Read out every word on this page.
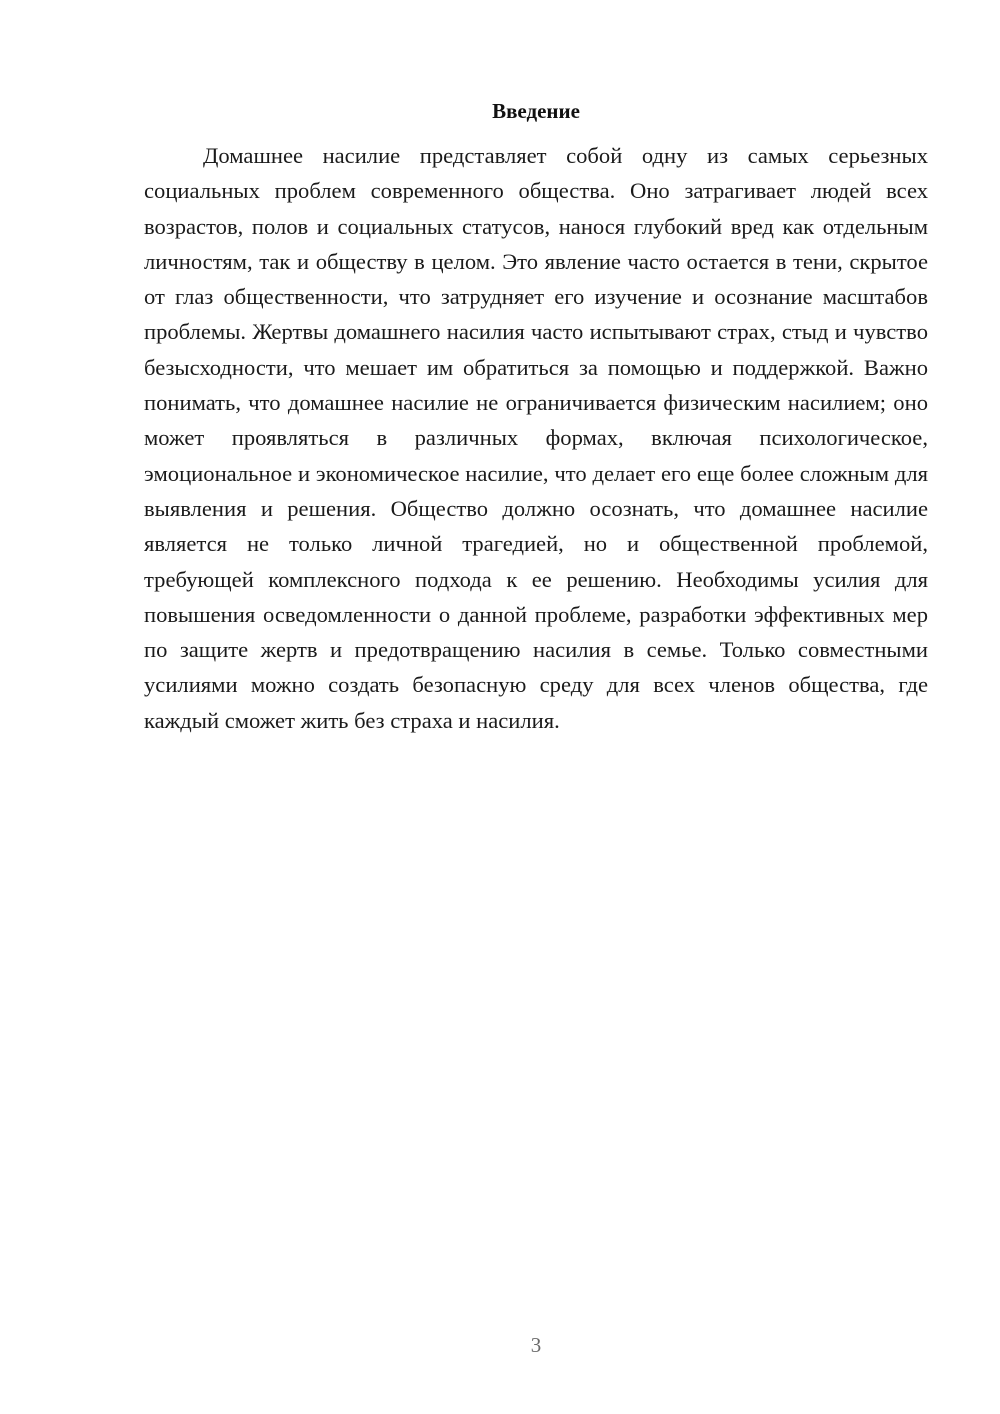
Введение

Домашнее насилие представляет собой одну из самых серьезных социальных проблем современного общества. Оно затрагивает людей всех возрастов, полов и социальных статусов, нанося глубокий вред как отдельным личностям, так и обществу в целом. Это явление часто остается в тени, скрытое от глаз общественности, что затрудняет его изучение и осознание масштабов проблемы. Жертвы домашнего насилия часто испытывают страх, стыд и чувство безысходности, что мешает им обратиться за помощью и поддержкой. Важно понимать, что домашнее насилие не ограничивается физическим насилием; оно может проявляться в различных формах, включая психологическое, эмоциональное и экономическое насилие, что делает его еще более сложным для выявления и решения. Общество должно осознать, что домашнее насилие является не только личной трагедией, но и общественной проблемой, требующей комплексного подхода к ее решению. Необходимы усилия для повышения осведомленности о данной проблеме, разработки эффективных мер по защите жертв и предотвращению насилия в семье. Только совместными усилиями можно создать безопасную среду для всех членов общества, где каждый сможет жить без страха и насилия.

3
